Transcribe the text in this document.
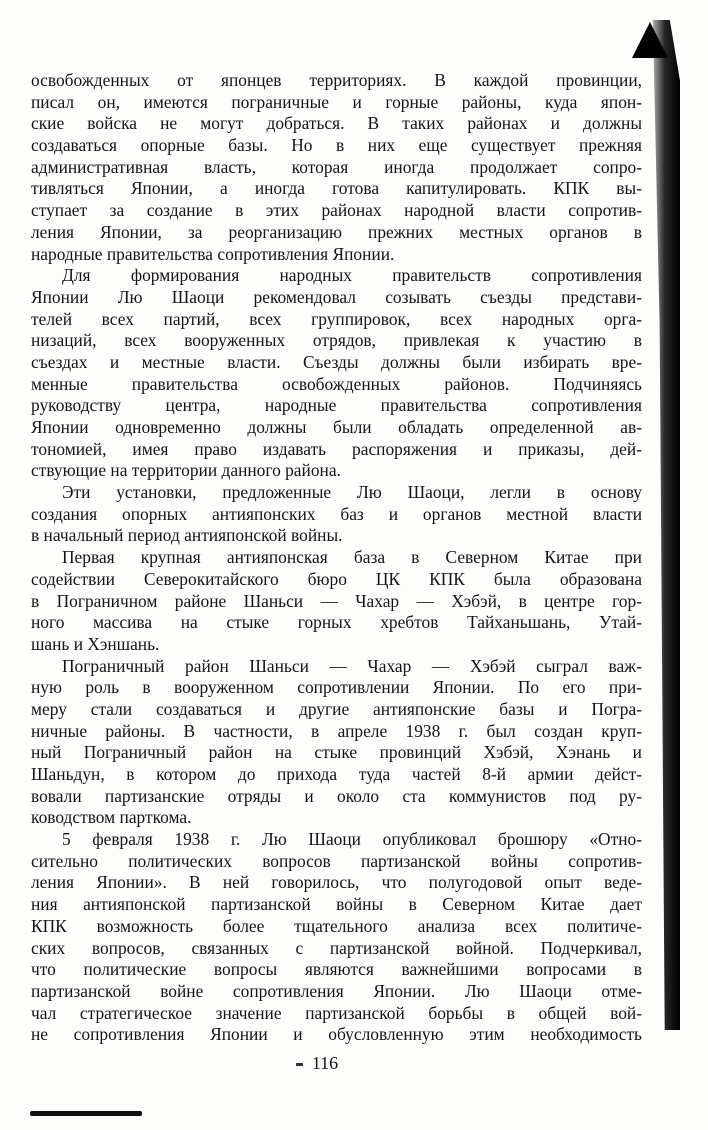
освобожденных от японцев территориях. В каждой провинции,
писал он, имеются пограничные и горные районы, куда япон-
ские войска не могут добраться. В таких районах и должны
создаваться опорные базы. Но в них еще существует прежняя
административная власть, которая иногда продолжает сопро-
тивляться Японии, а иногда готова капитулировать. КПК вы-
ступает за создание в этих районах народной власти сопротив-
ления Японии, за реорганизацию прежних местных органов в
народные правительства сопротивления Японии.
Для формирования народных правительств сопротивления
Японии Лю Шаоци рекомендовал созывать съезды представи-
телей всех партий, всех группировок, всех народных орга-
низаций, всех вооруженных отрядов, привлекая к участию в
съездах и местные власти. Съезды должны были избирать вре-
менные правительства освобожденных районов. Подчиняясь
руководству центра, народные правительства сопротивления
Японии одновременно должны были обладать определенной ав-
тономией, имея право издавать распоряжения и приказы, дей-
ствующие на территории данного района.
Эти установки, предложенные Лю Шаоци, легли в основу
создания опорных антияпонских баз и органов местной власти
в начальный период антияпонской войны.
Первая крупная антияпонская база в Северном Китае при
содействии Северокитайского бюро ЦК КПК была образована
в Пограничном районе Шаньси — Чахар — Хэбэй, в центре гор-
ного массива на стыке горных хребтов Тайханьшань, Утай-
шань и Хэншань.
Пограничный район Шаньси — Чахар — Хэбэй сыграл важ-
ную роль в вооруженном сопротивлении Японии. По его при-
меру стали создаваться и другие антияпонские базы и Погра-
ничные районы. В частности, в апреле 1938 г. был создан круп-
ный Пограничный район на стыке провинций Хэбэй, Хэнань и
Шаньдун, в котором до прихода туда частей 8-й армии дейст-
вовали партизанские отряды и около ста коммунистов под ру-
ководством парткома.
5 февраля 1938 г. Лю Шаоци опубликовал брошюру «Отно-
сительно политических вопросов партизанской войны сопротив-
ления Японии». В ней говорилось, что полугодовой опыт веде-
ния антияпонской партизанской войны в Северном Китае дает
КПК возможность более тщательного анализа всех политиче-
ских вопросов, связанных с партизанской войной. Подчеркивал,
что политические вопросы являются важнейшими вопросами в
партизанской войне сопротивления Японии. Лю Шаоци отме-
чал стратегическое значение партизанской борьбы в общей вой-
не сопротивления Японии и обусловленную этим необходимость
116
